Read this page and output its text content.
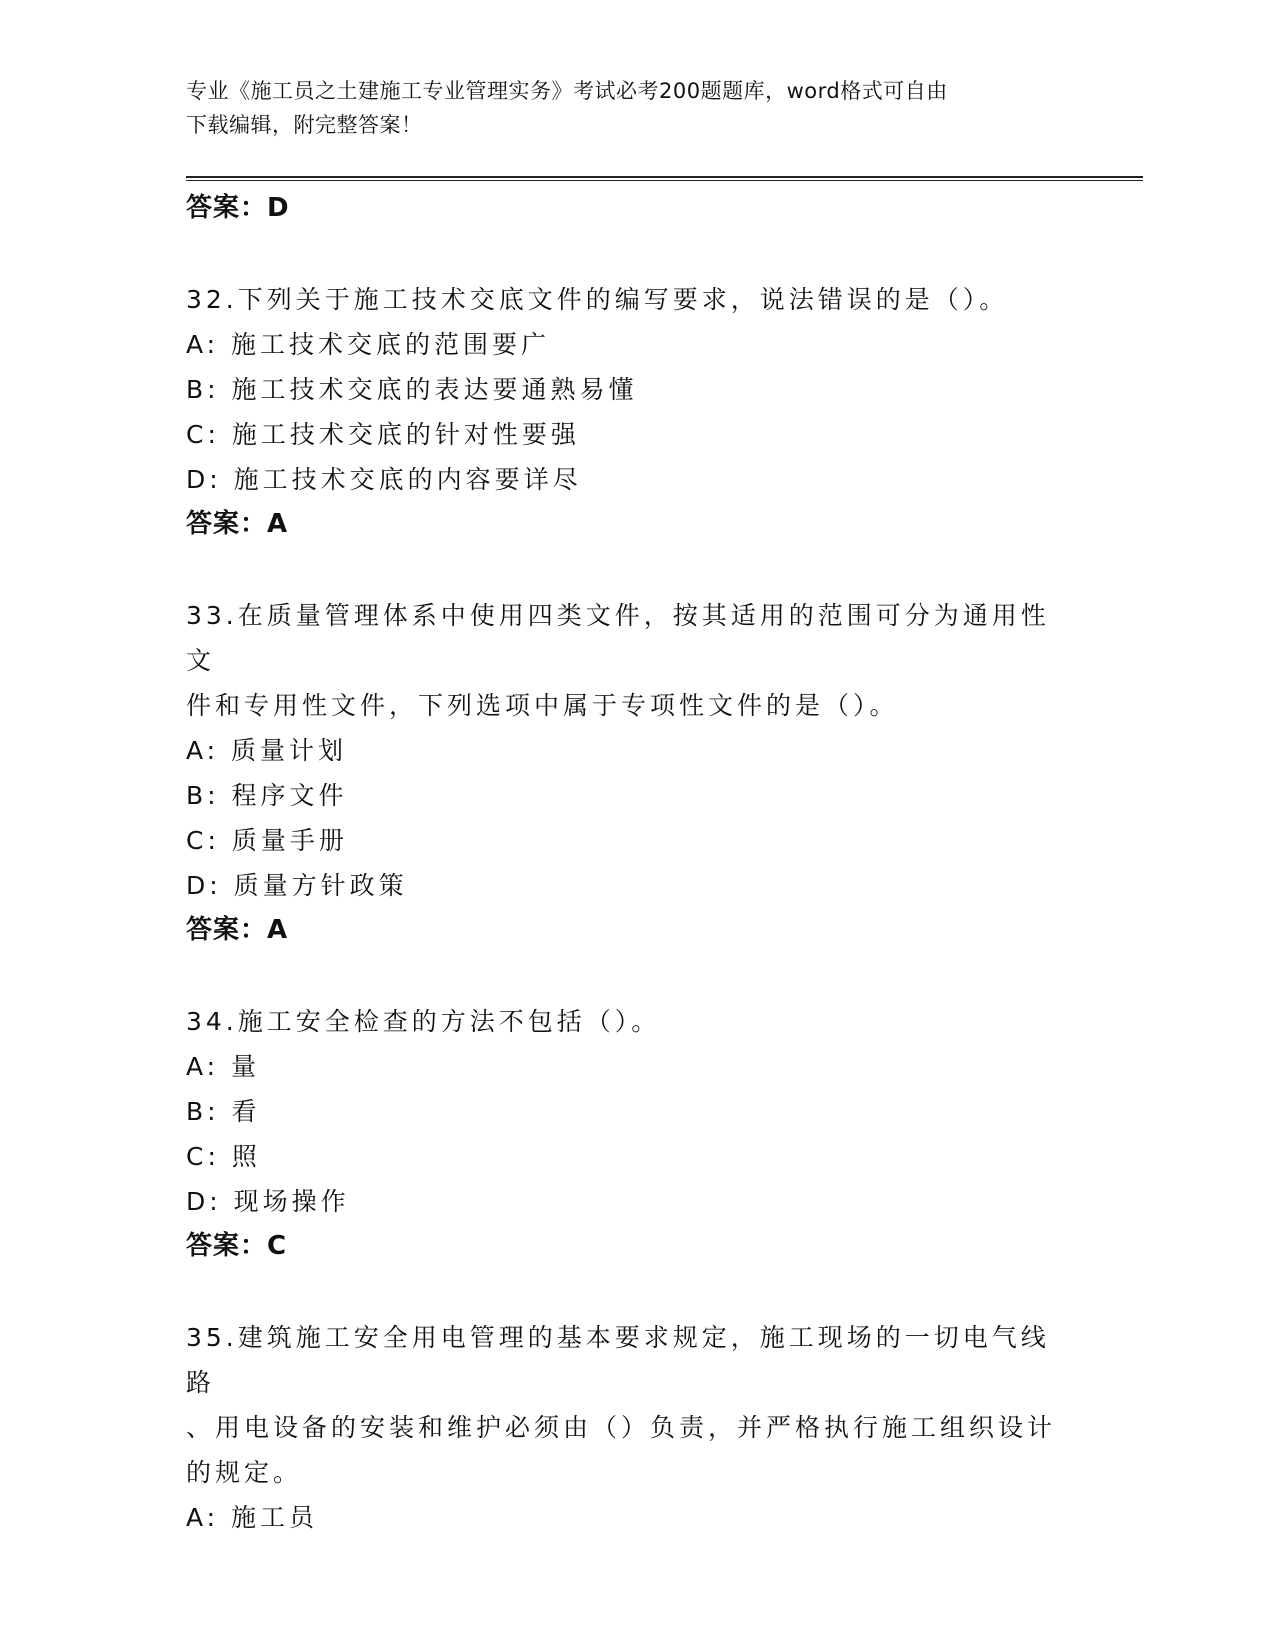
专业《施工员之土建施工专业管理实务》考试必考200题题库，word格式可自由
下载编辑，附完整答案！
答案：D
32.下列关于施工技术交底文件的编写要求，说法错误的是（）。
A: 施工技术交底的范围要广
B: 施工技术交底的表达要通熟易懂
C: 施工技术交底的针对性要强
D: 施工技术交底的内容要详尽
答案：A
33.在质量管理体系中使用四类文件，按其适用的范围可分为通用性文
件和专用性文件，下列选项中属于专项性文件的是（）。
A: 质量计划
B: 程序文件
C: 质量手册
D: 质量方针政策
答案：A
34.施工安全检查的方法不包括（）。
A: 量
B: 看
C: 照
D: 现场操作
答案：C
35.建筑施工安全用电管理的基本要求规定，施工现场的一切电气线路
、用电设备的安装和维护必须由（）负责，并严格执行施工组织设计
的规定。
A: 施工员
